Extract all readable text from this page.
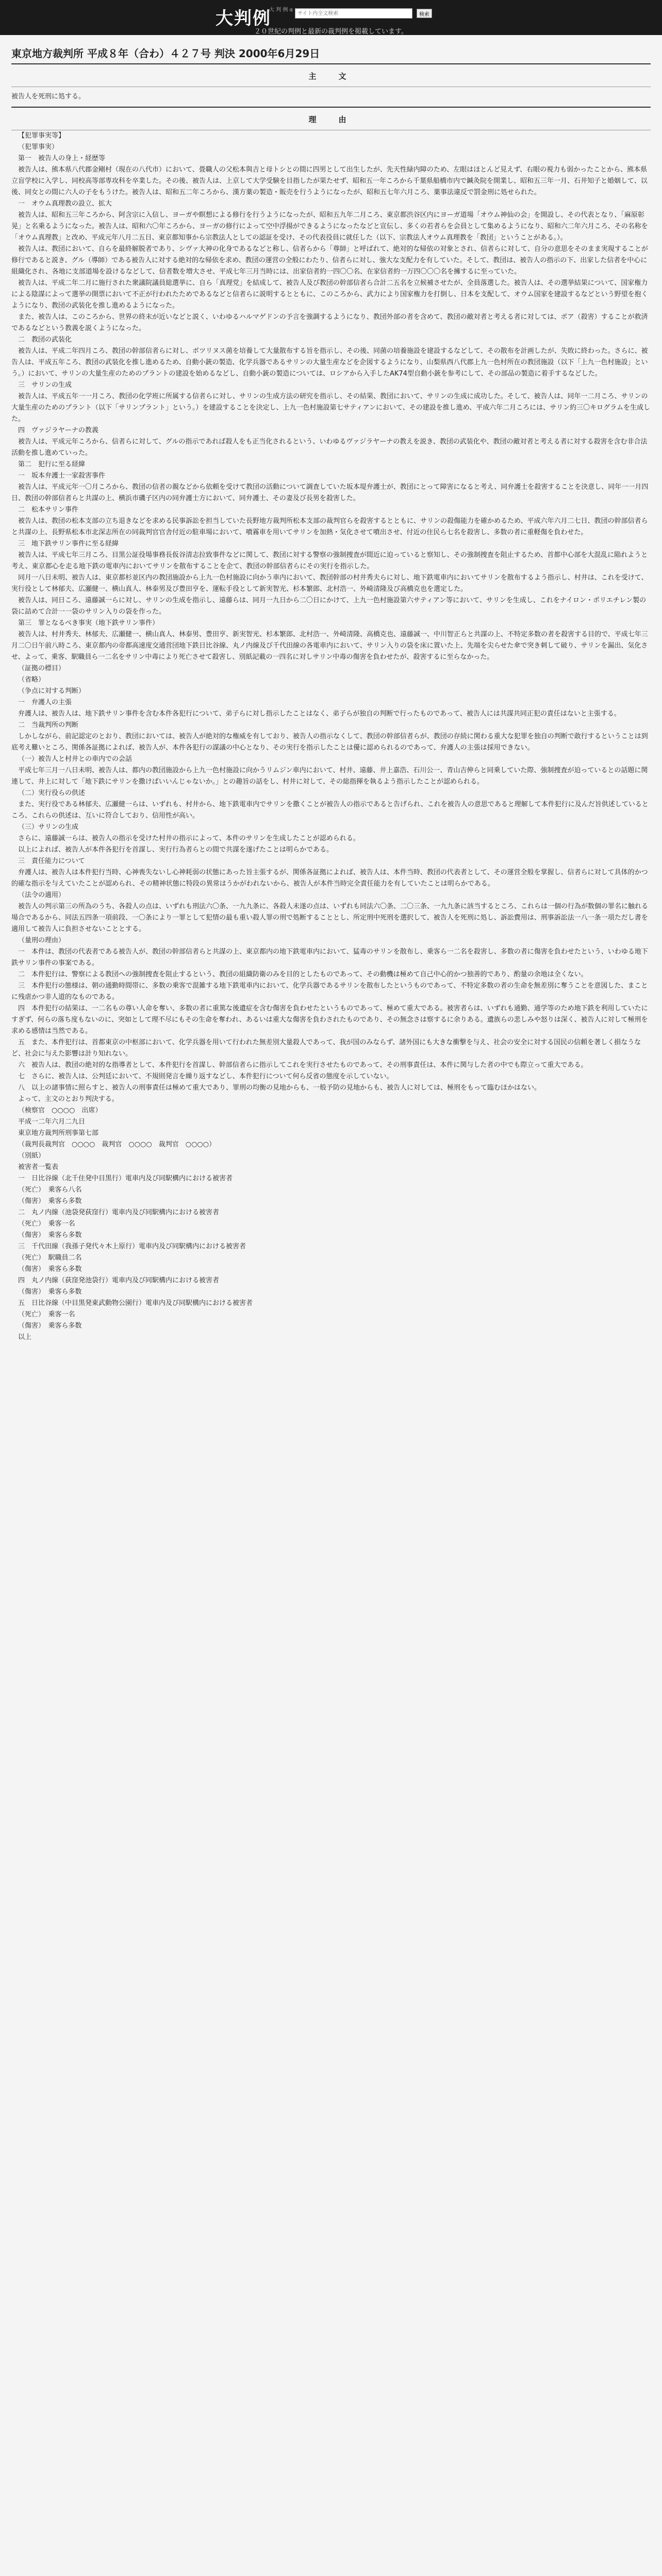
大判例
大 判 例 α
サイト内全文検索
検索
２０世紀の判例と最新の裁判例を掲載しています。
東京地方裁判所 平成８年（合わ）４２７号 判決 2000年6月29日
主　文

被告人を死刑に処する。

理　由

【犯罪事実等】

（犯罪事実）

第一　被告人の身上・経歴等

被告人は、熊本県八代郡金剛村（現在の八代市）において、畳職人の父松本與吉と母トシとの間に四男として出生したが、先天性緑内障のため、左眼はほとんど見えず、右眼の視力も弱かったことから、熊本県立盲学校に入学し、同校高等部専攻科を卒業した。その後、被告人は、上京して大学受験を目指したが果たせず、昭和五一年ころから千葉県船橋市内で鍼灸院を開業し、昭和五三年一月、石井知子と婚姻して、以後、同女との間に六人の子をもうけた。被告人は、昭和五二年ころから、漢方薬の製造・販売を行うようになったが、昭和五七年六月ころ、薬事法違反で罰金刑に処せられた。

一　オウム真理教の設立、拡大

被告人は、昭和五三年ころから、阿含宗に入信し、ヨーガや瞑想による修行を行うようになったが、昭和五九年二月ころ、東京都渋谷区内にヨーガ道場「オウム神仙の会」を開設し、その代表となり、「麻原彰晃」と名乗るようになった。被告人は、昭和六〇年ころから、ヨーガの修行によって空中浮揚ができるようになったなどと宣伝し、多くの若者らを会員として集めるようになり、昭和六二年六月ころ、その名称を「オウム真理教」と改め、平成元年八月二五日、東京都知事から宗教法人としての認証を受け、その代表役員に就任した（以下、宗教法人オウム真理教を「教団」ということがある。）。

被告人は、教団において、自らを最終解脱者であり、シヴァ大神の化身であるなどと称し、信者らから「尊師」と呼ばれて、絶対的な帰依の対象とされ、信者らに対して、自分の意思をそのまま実現することが修行であると説き、グル（導師）である被告人に対する絶対的な帰依を求め、教団の運営の全般にわたり、信者らに対し、強大な支配力を有していた。そして、教団は、被告人の指示の下、出家した信者を中心に組織化され、各地に支部道場を設けるなどして、信者数を増大させ、平成七年三月当時には、出家信者約一四〇〇名、在家信者約一万四〇〇〇名を擁するに至っていた。

被告人は、平成二年二月に施行された衆議院議員総選挙に、自ら「真理党」を結成して、被告人及び教団の幹部信者ら合計二五名を立候補させたが、全員落選した。被告人は、その選挙結果について、国家権力による陰謀によって選挙の開票において不正が行われたためであるなどと信者らに説明するとともに、このころから、武力により国家権力を打倒し、日本を支配して、オウム国家を建設するなどという野望を抱くようになり、教団の武装化を推し進めるようになった。

また、被告人は、このころから、世界の終末が近いなどと説く、いわゆるハルマゲドンの予言を強調するようになり、教団外部の者を含めて、教団の敵対者と考える者に対しては、ポア（殺害）することが救済であるなどという教義を説くようになった。

二　教団の武装化

被告人は、平成二年四月ころ、教団の幹部信者らに対し、ボツリヌス菌を培養して大量散布する旨を指示し、その後、同菌の培養施設を建設するなどして、その散布を計画したが、失敗に終わった。さらに、被告人は、平成五年ころ、教団の武装化を推し進めるため、自動小銃の製造、化学兵器であるサリンの大量生産などを企図するようになり、山梨県西八代郡上九一色村所在の教団施設（以下「上九一色村施設」という。）において、サリンの大量生産のためのプラントの建設を始めるなどし、自動小銃の製造については、ロシアから入手したAK74型自動小銃を参考にして、その部品の製造に着手するなどした。

三　サリンの生成

被告人は、平成五年一一月ころ、教団の化学班に所属する信者らに対し、サリンの生成方法の研究を指示し、その結果、教団において、サリンの生成に成功した。そして、被告人は、同年一二月ころ、サリンの大量生産のためのプラント（以下「サリンプラント」という。）を建設することを決定し、上九一色村施設第七サティアンにおいて、その建設を推し進め、平成六年二月ころには、サリン約三〇キログラムを生成した。

四　ヴァジラヤーナの教義

被告人は、平成元年ころから、信者らに対して、グルの指示であれば殺人をも正当化されるという、いわゆるヴァジラヤーナの教えを説き、教団の武装化や、教団の敵対者と考える者に対する殺害を含む非合法活動を推し進めていった。

第二　犯行に至る経緯

一　坂本弁護士一家殺害事件

被告人は、平成元年一〇月ころから、教団の信者の親などから依頼を受けて教団の活動について調査していた坂本堤弁護士が、教団にとって障害になると考え、同弁護士を殺害することを決意し、同年一一月四日、教団の幹部信者らと共謀の上、横浜市磯子区内の同弁護士方において、同弁護士、その妻及び長男を殺害した。

二　松本サリン事件

被告人は、教団の松本支部の立ち退きなどを求める民事訴訟を担当していた長野地方裁判所松本支部の裁判官らを殺害するとともに、サリンの殺傷能力を確かめるため、平成六年六月二七日、教団の幹部信者らと共謀の上、長野県松本市北深志所在の同裁判官官舎付近の駐車場において、噴霧車を用いてサリンを加熱・気化させて噴出させ、付近の住民ら七名を殺害し、多数の者に重軽傷を負わせた。

三　地下鉄サリン事件に至る経緯

被告人は、平成七年三月ころ、目黒公証役場事務長仮谷清志拉致事件などに関して、教団に対する警察の強制捜査が間近に迫っていると察知し、その強制捜査を阻止するため、首都中心部を大混乱に陥れようと考え、東京都心を走る地下鉄の電車内においてサリンを散布することを企て、教団の幹部信者らにその実行を指示した。

同月一八日未明、被告人は、東京都杉並区内の教団施設から上九一色村施設に向かう車内において、教団幹部の村井秀夫らに対し、地下鉄電車内においてサリンを散布するよう指示し、村井は、これを受けて、実行役として林郁夫、広瀬健一、横山真人、林泰男及び豊田亨を、運転手役として新実智光、杉本繁郎、北村浩一、外崎清隆及び高橋克也を選定した。

被告人は、同日ころ、遠藤誠一らに対し、サリンの生成を指示し、遠藤らは、同月一九日から二〇日にかけて、上九一色村施設第六サティアン等において、サリンを生成し、これをナイロン・ポリエチレン製の袋に詰めて合計一一袋のサリン入りの袋を作った。

第三　罪となるべき事実（地下鉄サリン事件）

被告人は、村井秀夫、林郁夫、広瀬健一、横山真人、林泰男、豊田亨、新実智光、杉本繁郎、北村浩一、外崎清隆、高橋克也、遠藤誠一、中川智正らと共謀の上、不特定多数の者を殺害する目的で、平成七年三月二〇日午前八時ころ、東京都内の帝都高速度交通営団地下鉄日比谷線、丸ノ内線及び千代田線の各電車内において、サリン入りの袋を床に置いた上、先端を尖らせた傘で突き刺して破り、サリンを漏出、気化させ、よって、乗客、駅職員ら一二名をサリン中毒により死亡させて殺害し、別紙記載の一四名に対しサリン中毒の傷害を負わせたが、殺害するに至らなかった。

（証拠の標目）

（省略）

（争点に対する判断）

一　弁護人の主張

弁護人は、被告人は、地下鉄サリン事件を含む本件各犯行について、弟子らに対し指示したことはなく、弟子らが独自の判断で行ったものであって、被告人には共謀共同正犯の責任はないと主張する。

二　当裁判所の判断

しかしながら、前記認定のとおり、教団においては、被告人が絶対的な権威を有しており、被告人の指示なくして、教団の幹部信者らが、教団の存続に関わる重大な犯罪を独自の判断で敢行するということは到底考え難いところ、関係各証拠によれば、被告人が、本件各犯行の謀議の中心となり、その実行を指示したことは優に認められるのであって、弁護人の主張は採用できない。

（一）被告人と村井との車内での会話

平成七年三月一八日未明、被告人は、都内の教団施設から上九一色村施設に向かうリムジン車内において、村井、遠藤、井上嘉浩、石川公一、青山吉伸らと同乗していた際、強制捜査が迫っているとの話題に関連して、井上に対して「地下鉄にサリンを撒けばいいんじゃないか。」との趣旨の話をし、村井に対して、その総指揮を執るよう指示したことが認められる。

（二）実行役らの供述

また、実行役である林郁夫、広瀬健一らは、いずれも、村井から、地下鉄電車内でサリンを撒くことが被告人の指示であると告げられ、これを被告人の意思であると理解して本件犯行に及んだ旨供述しているところ、これらの供述は、互いに符合しており、信用性が高い。

（三）サリンの生成

さらに、遠藤誠一らは、被告人の指示を受けた村井の指示によって、本件のサリンを生成したことが認められる。

以上によれば、被告人が本件各犯行を首謀し、実行行為者らとの間で共謀を遂げたことは明らかである。

三　責任能力について

弁護人は、被告人は本件犯行当時、心神喪失ないし心神耗弱の状態にあった旨主張するが、関係各証拠によれば、被告人は、本件当時、教団の代表者として、その運営全般を掌握し、信者らに対して具体的かつ的確な指示を与えていたことが認められ、その精神状態に特段の異常はうかがわれないから、被告人が本件当時完全責任能力を有していたことは明らかである。

（法令の適用）

被告人の判示第三の所為のうち、各殺人の点は、いずれも刑法六〇条、一九九条に、各殺人未遂の点は、いずれも同法六〇条、二〇三条、一九九条に該当するところ、これらは一個の行為が数個の罪名に触れる場合であるから、同法五四条一項前段、一〇条により一罪として犯情の最も重い殺人罪の刑で処断することとし、所定刑中死刑を選択して、被告人を死刑に処し、訴訟費用は、刑事訴訟法一八一条一項ただし書を適用して被告人に負担させないこととする。

（量刑の理由）

一　本件は、教団の代表者である被告人が、教団の幹部信者らと共謀の上、東京都内の地下鉄電車内において、猛毒のサリンを散布し、乗客ら一二名を殺害し、多数の者に傷害を負わせたという、いわゆる地下鉄サリン事件の事案である。

二　本件犯行は、警察による教団への強制捜査を阻止するという、教団の組織防衛のみを目的としたものであって、その動機は極めて自己中心的かつ独善的であり、酌量の余地は全くない。

三　本件犯行の態様は、朝の通勤時間帯に、多数の乗客で混雑する地下鉄電車内において、化学兵器であるサリンを散布したというものであって、不特定多数の者の生命を無差別に奪うことを意図した、まことに残虐かつ非人道的なものである。

四　本件犯行の結果は、一二名もの尊い人命を奪い、多数の者に重篤な後遺症を含む傷害を負わせたというものであって、極めて重大である。被害者らは、いずれも通勤、通学等のため地下鉄を利用していたにすぎず、何らの落ち度もないのに、突如として理不尽にもその生命を奪われ、あるいは重大な傷害を負わされたものであり、その無念さは察するに余りある。遺族らの悲しみや怒りは深く、被告人に対して極刑を求める感情は当然である。

五　また、本件犯行は、首都東京の中枢部において、化学兵器を用いて行われた無差別大量殺人であって、我が国のみならず、諸外国にも大きな衝撃を与え、社会の安全に対する国民の信頼を著しく損なうなど、社会に与えた影響は計り知れない。

六　被告人は、教団の絶対的な指導者として、本件犯行を首謀し、幹部信者らに指示してこれを実行させたものであって、その刑事責任は、本件に関与した者の中でも際立って重大である。

七　さらに、被告人は、公判廷において、不規則発言を繰り返すなどし、本件犯行について何ら反省の態度を示していない。

八　以上の諸事情に照らすと、被告人の刑事責任は極めて重大であり、罪刑の均衡の見地からも、一般予防の見地からも、被告人に対しては、極刑をもって臨むほかはない。

よって、主文のとおり判決する。

（検察官　○○○○　出席）

平成一二年六月二九日

東京地方裁判所刑事第七部

（裁判長裁判官　○○○○　裁判官　○○○○　裁判官　○○○○）

（別紙）

被害者一覧表

一　日比谷線（北千住発中目黒行）電車内及び同駅構内における被害者

（死亡）　乗客ら八名

（傷害）　乗客ら多数

二　丸ノ内線（池袋発荻窪行）電車内及び同駅構内における被害者

（死亡）　乗客一名

（傷害）　乗客ら多数

三　千代田線（我孫子発代々木上原行）電車内及び同駅構内における被害者

（死亡）　駅職員二名

（傷害）　乗客ら多数

四　丸ノ内線（荻窪発池袋行）電車内及び同駅構内における被害者

（傷害）　乗客ら多数

五　日比谷線（中目黒発東武動物公園行）電車内及び同駅構内における被害者

（死亡）　乗客一名

（傷害）　乗客ら多数

以上
